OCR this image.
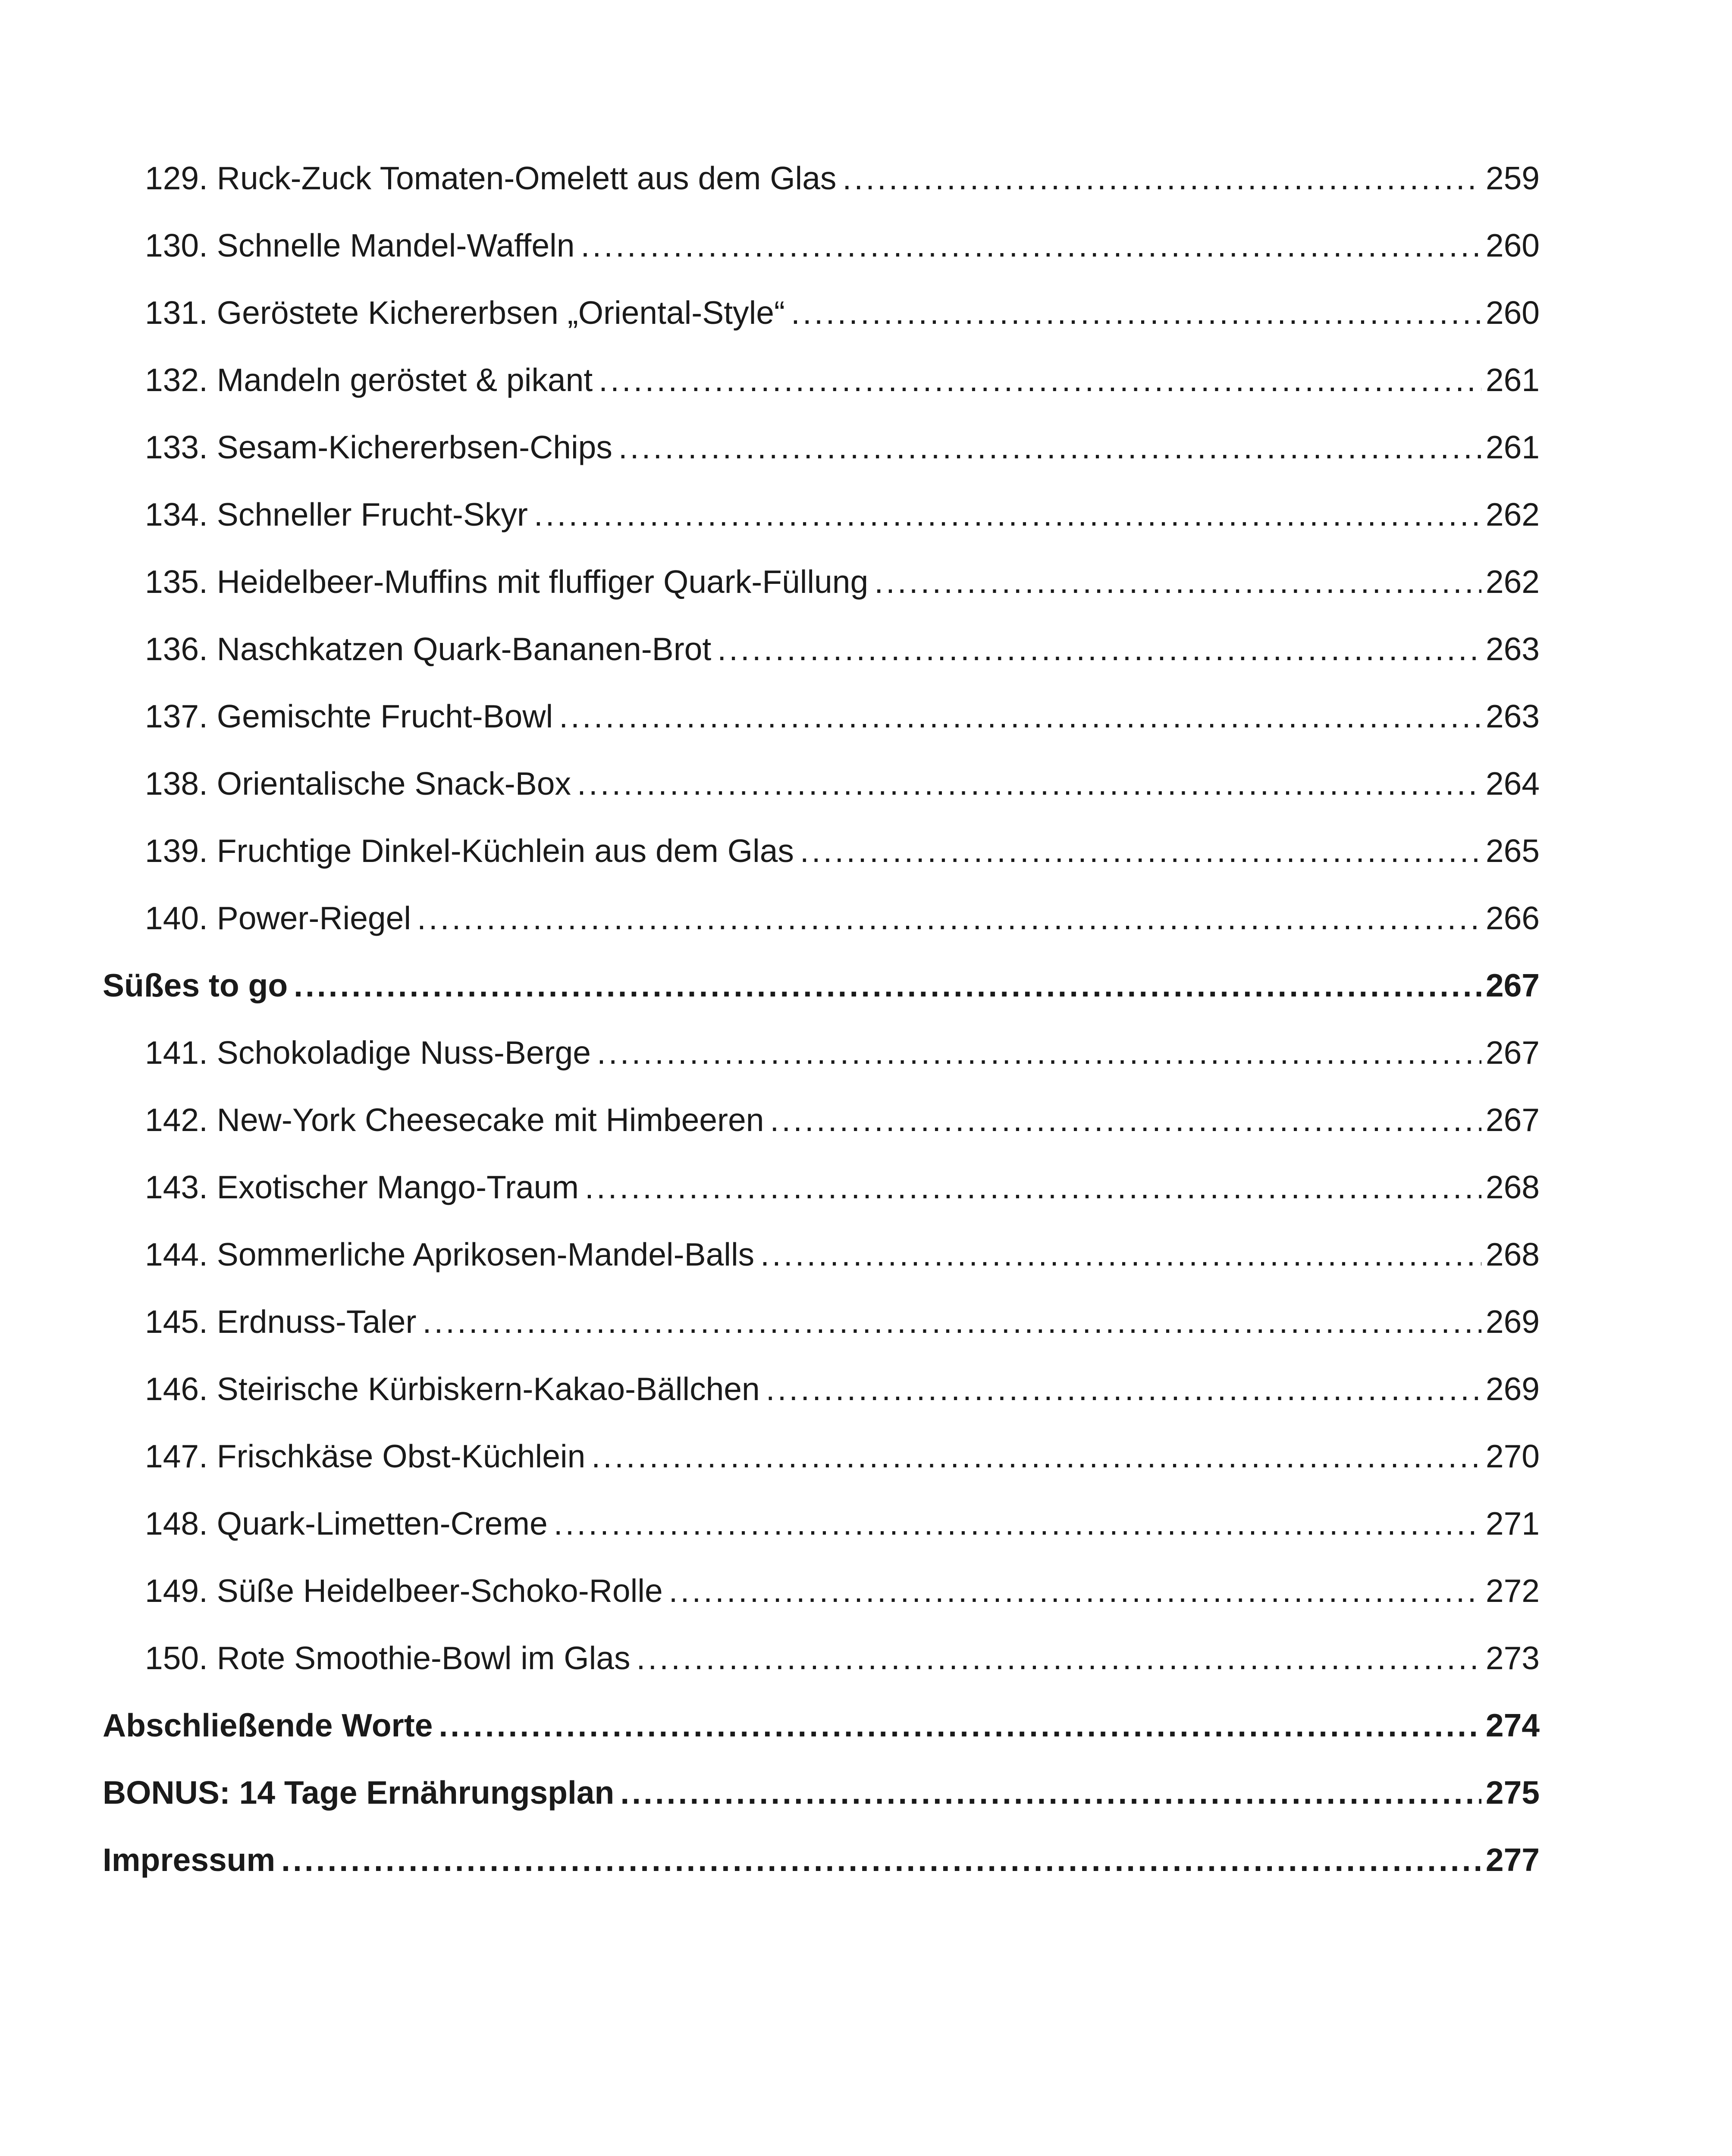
129. Ruck-Zuck Tomaten-Omelett aus dem Glas .....	259
130. Schnelle Mandel-Waffeln .....	260
131. Geröstete Kichererbsen „Oriental-Style“ .....	260
132. Mandeln geröstet & pikant .....	261
133. Sesam-Kichererbsen-Chips .....	261
134. Schneller Frucht-Skyr .....	262
135. Heidelbeer-Muffins mit fluffiger Quark-Füllung .....	262
136. Naschkatzen Quark-Bananen-Brot .....	263
137. Gemischte Frucht-Bowl .....	263
138. Orientalische Snack-Box .....	264
139. Fruchtige Dinkel-Küchlein aus dem Glas .....	265
140. Power-Riegel .....	266
Süßes to go .....	267
141. Schokoladige Nuss-Berge .....	267
142. New-York Cheesecake mit Himbeeren .....	267
143. Exotischer Mango-Traum .....	268
144. Sommerliche Aprikosen-Mandel-Balls .....	268
145. Erdnuss-Taler .....	269
146. Steirische Kürbiskern-Kakao-Bällchen .....	269
147. Frischkäse Obst-Küchlein .....	270
148. Quark-Limetten-Creme .....	271
149. Süße Heidelbeer-Schoko-Rolle .....	272
150. Rote Smoothie-Bowl im Glas .....	273
Abschließende Worte .....	274
BONUS: 14 Tage Ernährungsplan .....	275
Impressum .....	277
